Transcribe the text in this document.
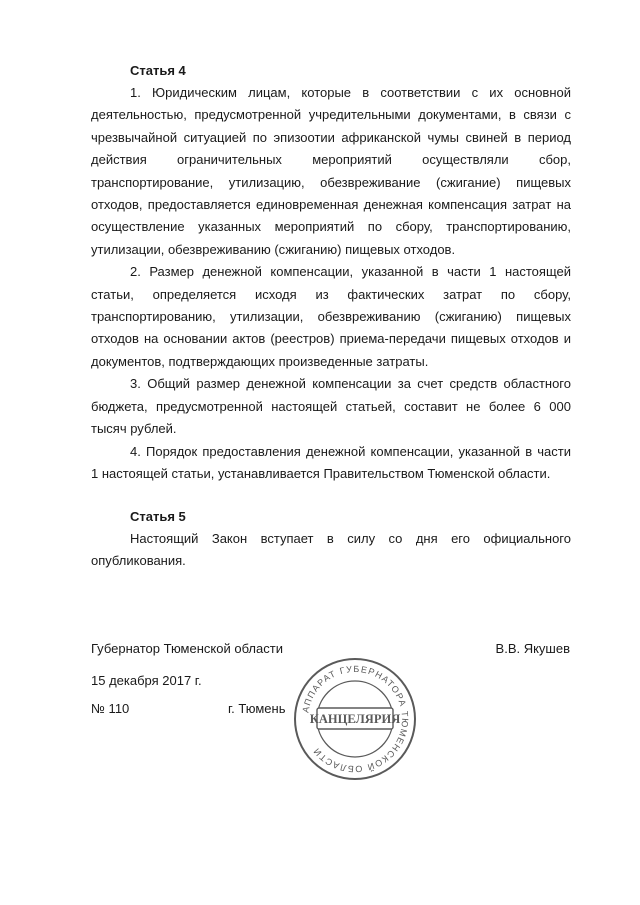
Статья 4

1. Юридическим лицам, которые в соответствии с их основной деятельностью, предусмотренной учредительными документами, в связи с чрезвычайной ситуацией по эпизоотии африканской чумы свиней в период действия ограничительных мероприятий осуществляли сбор, транспортирование, утилизацию, обезвреживание (сжигание) пищевых отходов, предоставляется единовременная денежная компенсация затрат на осуществление указанных мероприятий по сбору, транспортированию, утилизации, обезвреживанию (сжиганию) пищевых отходов.

2. Размер денежной компенсации, указанной в части 1 настоящей статьи, определяется исходя из фактических затрат по сбору, транспортированию, утилизации, обезвреживанию (сжиганию) пищевых отходов на основании актов (реестров) приема-передачи пищевых отходов и документов, подтверждающих произведенные затраты.

3. Общий размер денежной компенсации за счет средств областного бюджета, предусмотренной настоящей статьей, составит не более 6 000 тысяч рублей.

4. Порядок предоставления денежной компенсации, указанной в части 1 настоящей статьи, устанавливается Правительством Тюменской области.

Статья 5

Настоящий Закон вступает в силу со дня его официального опубликования.

Губернатор Тюменской области	В.В. Якушев
15 декабря 2017 г.
№ 110	г. Тюмень АППАРАТ ГУБЕРНАТОРА ТЮМЕНСКОЙ ОБЛАСТИ
КАНЦЕЛЯРИЯ
